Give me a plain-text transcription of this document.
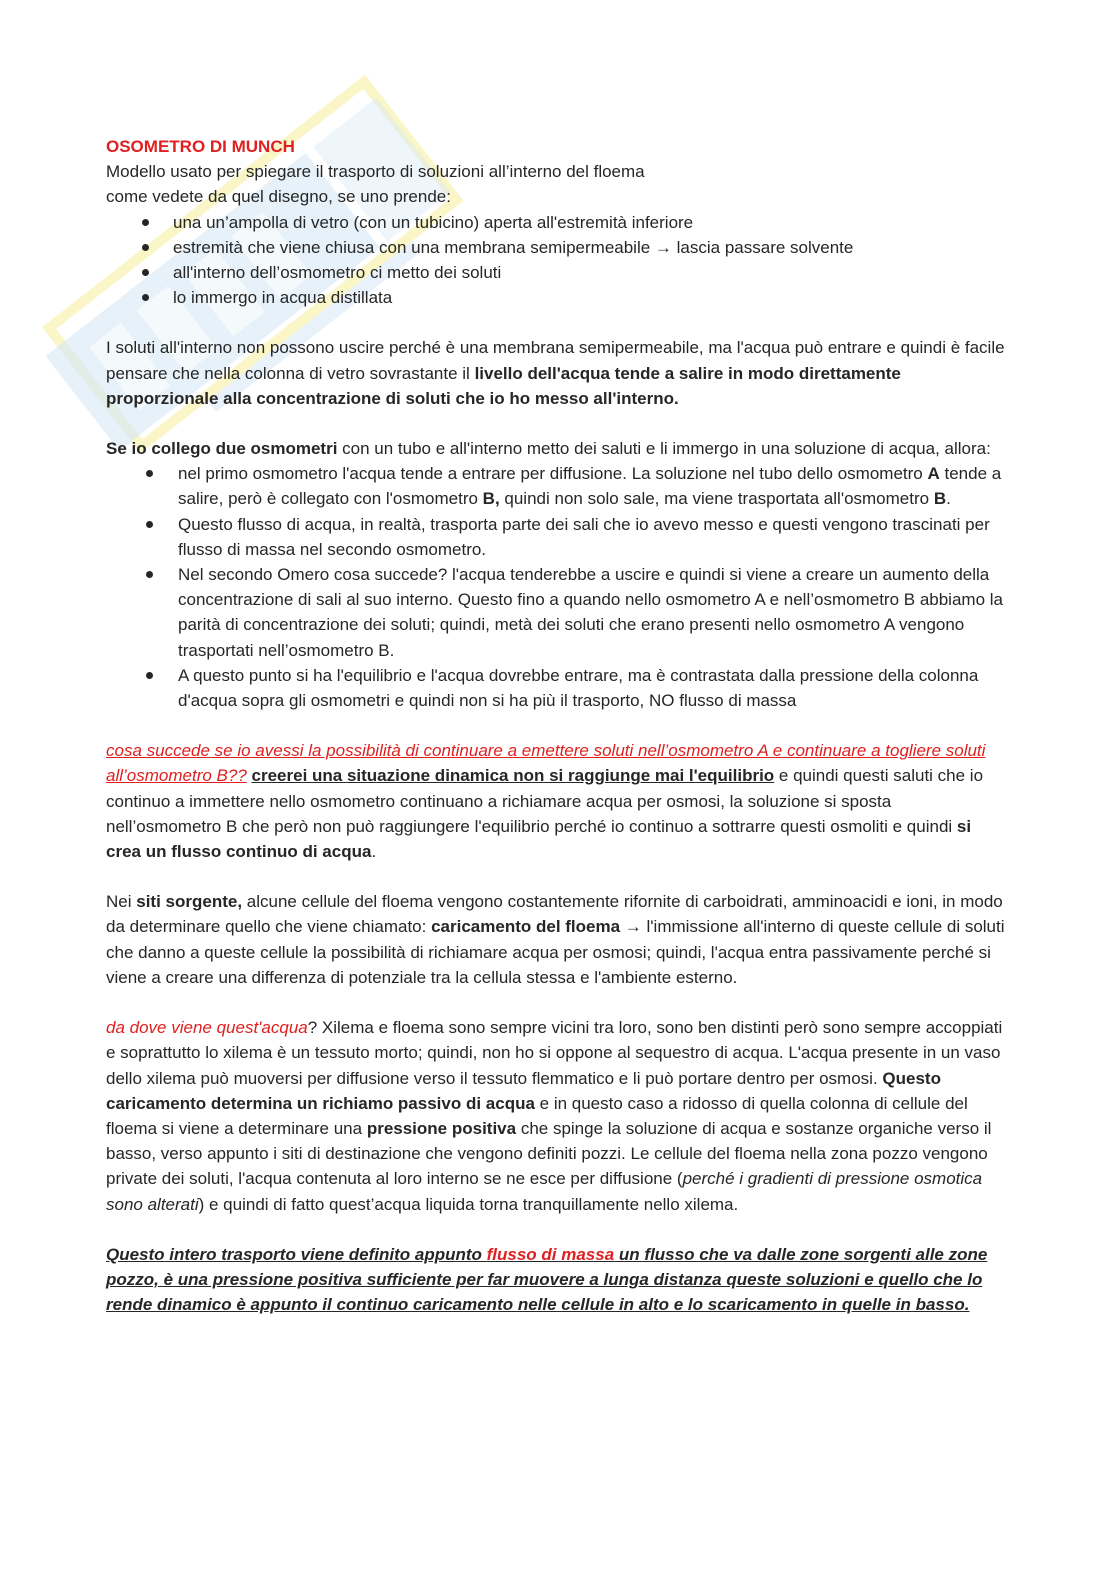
OSOMETRO DI MUNCH

Modello usato per spiegare il trasporto di soluzioni all’interno del floema

come vedete da quel disegno, se uno prende:

una un’ampolla di vetro (con un tubicino) aperta all'estremità inferiore
estremità che viene chiusa con una membrana semipermeabile → lascia passare solvente
all'interno dell’osmometro ci metto dei soluti
lo immergo in acqua distillata

I soluti all'interno non possono uscire perché è una membrana semipermeabile, ma l'acqua può entrare e quindi è facile pensare che nella colonna di vetro sovrastante il livello dell'acqua tende a salire in modo direttamente proporzionale alla concentrazione di soluti che io ho messo all'interno.

Se io collego due osmometri con un tubo e all'interno metto dei saluti e li immergo in una soluzione di acqua, allora:

nel primo osmometro l'acqua tende a entrare per diffusione. La soluzione nel tubo dello osmometro A tende a salire, però è collegato con l'osmometro B, quindi non solo sale, ma viene trasportata all'osmometro B.
Questo flusso di acqua, in realtà, trasporta parte dei sali che io avevo messo e questi vengono trascinati per flusso di massa nel secondo osmometro.
Nel secondo Omero cosa succede? l'acqua tenderebbe a uscire e quindi si viene a creare un aumento della concentrazione di sali al suo interno. Questo fino a quando nello osmometro A e nell’osmometro B abbiamo la parità di concentrazione dei soluti; quindi, metà dei soluti che erano presenti nello osmometro A vengono trasportati nell’osmometro B.
A questo punto si ha l'equilibrio e l'acqua dovrebbe entrare, ma è contrastata dalla pressione della colonna d'acqua sopra gli osmometri e quindi non si ha più il trasporto, NO flusso di massa

cosa succede se io avessi la possibilità di continuare a emettere soluti nell’osmometro A e continuare a togliere soluti all’osmometro B?? creerei una situazione dinamica non si raggiunge mai l'equilibrio e quindi questi saluti che io continuo a immettere nello osmometro continuano a richiamare acqua per osmosi, la soluzione si sposta nell’osmometro B che però non può raggiungere l'equilibrio perché io continuo a sottrarre questi osmoliti e quindi si crea un flusso continuo di acqua.

Nei siti sorgente, alcune cellule del floema vengono costantemente rifornite di carboidrati, amminoacidi e ioni, in modo da determinare quello che viene chiamato: caricamento del floema → l'immissione all'interno di queste cellule di soluti che danno a queste cellule la possibilità di richiamare acqua per osmosi; quindi, l'acqua entra passivamente perché si viene a creare una differenza di potenziale tra la cellula stessa e l'ambiente esterno.

da dove viene quest'acqua? Xilema e floema sono sempre vicini tra loro, sono ben distinti però sono sempre accoppiati e soprattutto lo xilema è un tessuto morto; quindi, non ho si oppone al sequestro di acqua. L'acqua presente in un vaso dello xilema può muoversi per diffusione verso il tessuto flemmatico e li può portare dentro per osmosi. Questo caricamento determina un richiamo passivo di acqua e in questo caso a ridosso di quella colonna di cellule del floema si viene a determinare una pressione positiva che spinge la soluzione di acqua e sostanze organiche verso il basso, verso appunto i siti di destinazione che vengono definiti pozzi. Le cellule del floema nella zona pozzo vengono private dei soluti, l'acqua contenuta al loro interno se ne esce per diffusione (perché i gradienti di pressione osmotica sono alterati) e quindi di fatto quest’acqua liquida torna tranquillamente nello xilema.

Questo intero trasporto viene definito appunto flusso di massa un flusso che va dalle zone sorgenti alle zone pozzo, è una pressione positiva sufficiente per far muovere a lunga distanza queste soluzioni e quello che lo rende dinamico è appunto il continuo caricamento nelle cellule in alto e lo scaricamento in quelle in basso.
